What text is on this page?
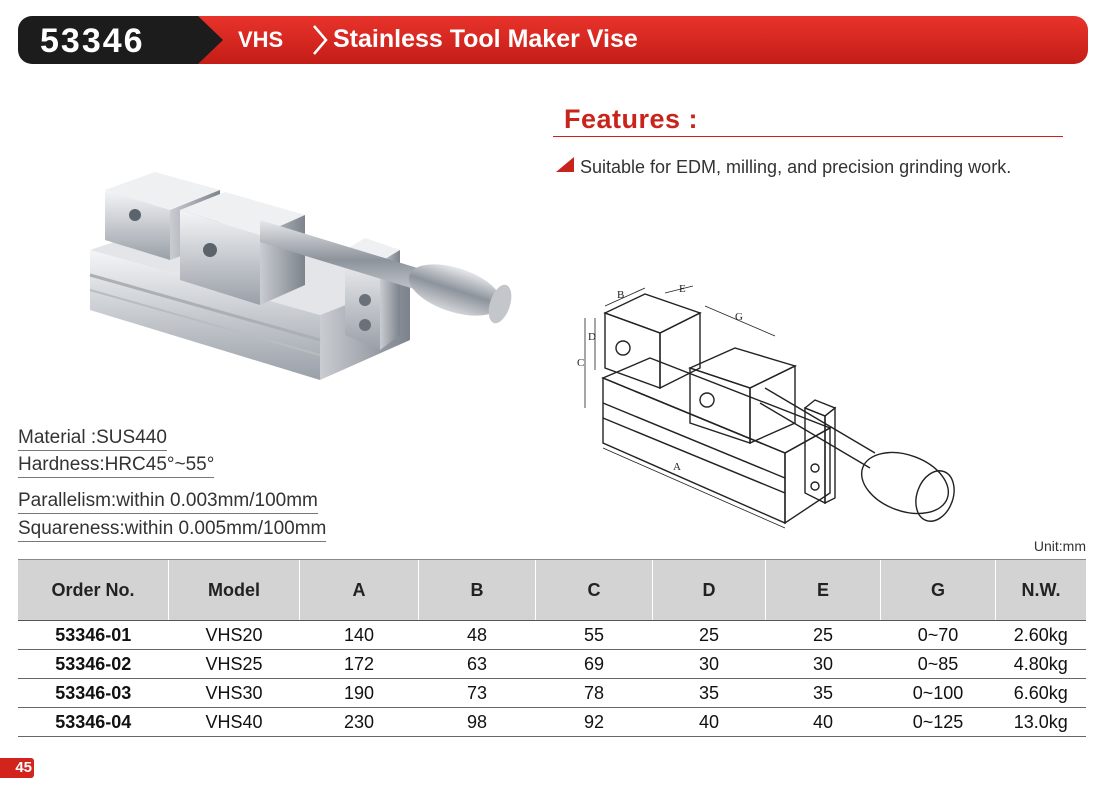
53346	VHS Stainless Tool Maker Vise
Features :
Suitable for EDM, milling, and precision grinding work.
A
B
C
D
E
G
Material :SUS440
Hardness:HRC45°~55°
Parallelism:within 0.003mm/100mm
Squareness:within 0.005mm/100mm
Unit:mm
Order No.	Model	A	B	C	D	E	G	N.W.
53346-01	VHS20	140	48	55	25	25	0~70	2.60kg
53346-02	VHS25	172	63	69	30	30	0~85	4.80kg
53346-03	VHS30	190	73	78	35	35	0~100	6.60kg
53346-04	VHS40	230	98	92	40	40	0~125	13.0kg
45
